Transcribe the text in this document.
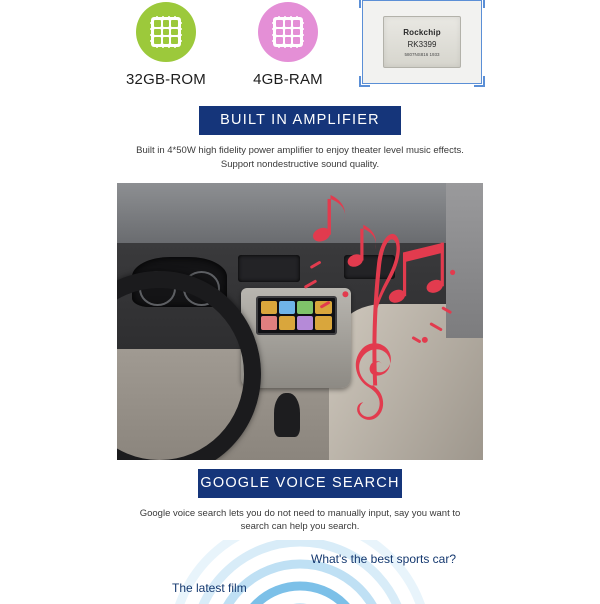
32GB-ROM	4GB-RAM
Rockchip
RK3399
5807NS816 1933
BUILT IN AMPLIFIER
Built in 4*50W high fidelity power amplifier to enjoy theater level music effects.
Support nondestructive sound quality.
GOOGLE VOICE SEARCH
Google voice search lets you do not need to manually input, say you want to
search can help you search.
What's the best sports car?
The latest film
